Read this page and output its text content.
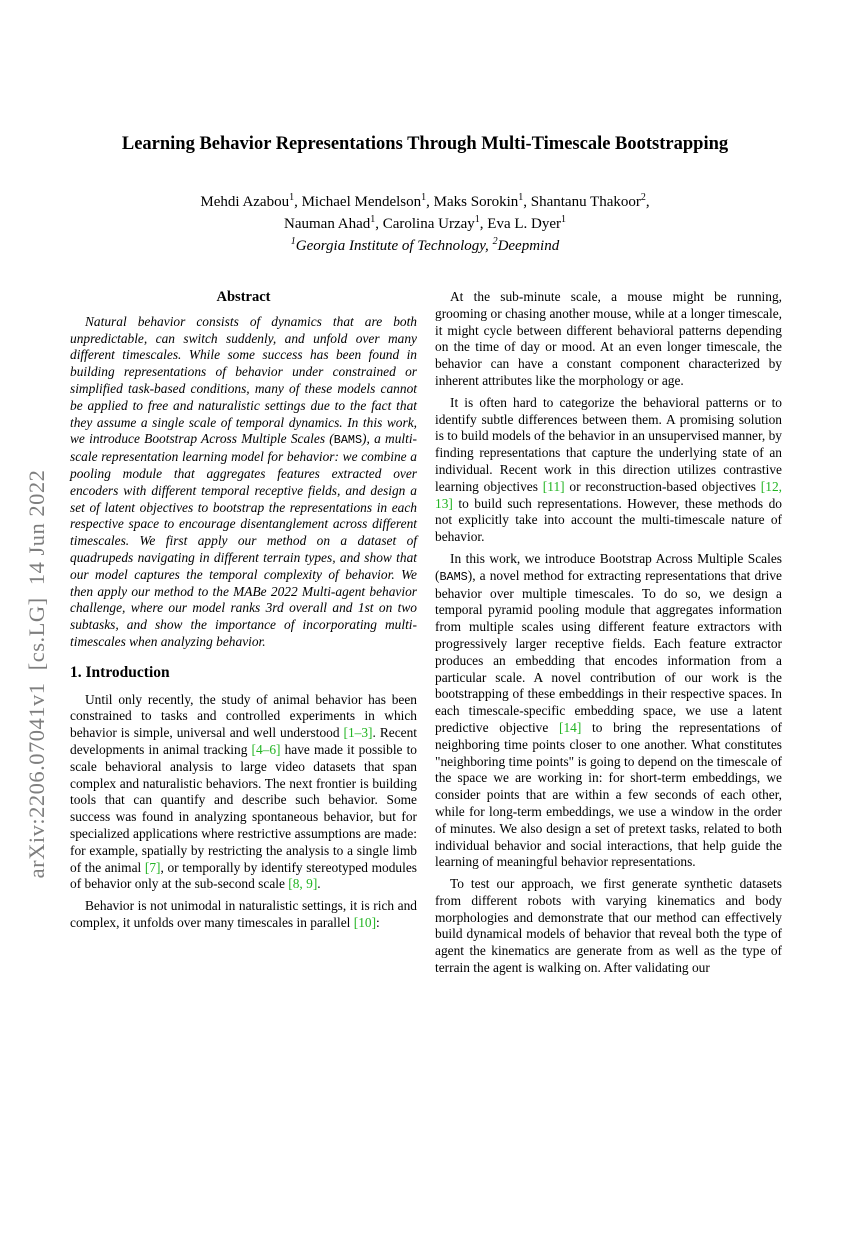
arXiv:2206.07041v1  [cs.LG]  14 Jun 2022
Learning Behavior Representations Through Multi-Timescale Bootstrapping
Mehdi Azabou$^1$, Michael Mendelson$^1$, Maks Sorokin$^1$, Shantanu Thakoor$^2$,
Nauman Ahad$^1$, Carolina Urzay$^1$, Eva L. Dyer$^1$
$^1$Georgia Institute of Technology, $^2$Deepmind
Abstract

Natural behavior consists of dynamics that are both unpredictable, can switch suddenly, and unfold over many different timescales. While some success has been found in building representations of behavior under constrained or simplified task-based conditions, many of these models cannot be applied to free and naturalistic settings due to the fact that they assume a single scale of temporal dynamics. In this work, we introduce Bootstrap Across Multiple Scales (BAMS), a multi-scale representation learning model for behavior: we combine a pooling module that aggregates features extracted over encoders with different temporal receptive fields, and design a set of latent objectives to bootstrap the representations in each respective space to encourage disentanglement across different timescales. We first apply our method on a dataset of quadrupeds navigating in different terrain types, and show that our model captures the temporal complexity of behavior. We then apply our method to the MABe 2022 Multi-agent behavior challenge, where our model ranks 3rd overall and 1st on two subtasks, and show the importance of incorporating multi-timescales when analyzing behavior.

1. Introduction

Until only recently, the study of animal behavior has been constrained to tasks and controlled experiments in which behavior is simple, universal and well understood [1–3]. Recent developments in animal tracking [4–6] have made it possible to scale behavioral analysis to large video datasets that span complex and naturalistic behaviors. The next frontier is building tools that can quantify and describe such behavior. Some success was found in analyzing spontaneous behavior, but for specialized applications where restrictive assumptions are made: for example, spatially by restricting the analysis to a single limb of the animal [7], or temporally by identify stereotyped modules of behavior only at the sub-second scale [8, 9].

Behavior is not unimodal in naturalistic settings, it is rich and complex, it unfolds over many timescales in parallel [10]:

At the sub-minute scale, a mouse might be running, grooming or chasing another mouse, while at a longer timescale, it might cycle between different behavioral patterns depending on the time of day or mood. At an even longer timescale, the behavior can have a constant component characterized by inherent attributes like the morphology or age.

It is often hard to categorize the behavioral patterns or to identify subtle differences between them. A promising solution is to build models of the behavior in an unsupervised manner, by finding representations that capture the underlying state of an individual. Recent work in this direction utilizes contrastive learning objectives [11] or reconstruction-based objectives [12, 13] to build such representations. However, these methods do not explicitly take into account the multi-timescale nature of behavior.

In this work, we introduce Bootstrap Across Multiple Scales (BAMS), a novel method for extracting representations that drive behavior over multiple timescales. To do so, we design a temporal pyramid pooling module that aggregates information from multiple scales using different feature extractors with progressively larger receptive fields. Each feature extractor produces an embedding that encodes information from a particular scale. A novel contribution of our work is the bootstrapping of these embeddings in their respective spaces. In each timescale-specific embedding space, we use a latent predictive objective [14] to bring the representations of neighboring time points closer to one another. What constitutes "neighboring time points" is going to depend on the timescale of the space we are working in: for short-term embeddings, we consider points that are within a few seconds of each other, while for long-term embeddings, we use a window in the order of minutes. We also design a set of pretext tasks, related to both individual behavior and social interactions, that help guide the learning of meaningful behavior representations.

To test our approach, we first generate synthetic datasets from different robots with varying kinematics and body morphologies and demonstrate that our method can effectively build dynamical models of behavior that reveal both the type of agent the kinematics are generate from as well as the type of terrain the agent is walking on. After validating our
